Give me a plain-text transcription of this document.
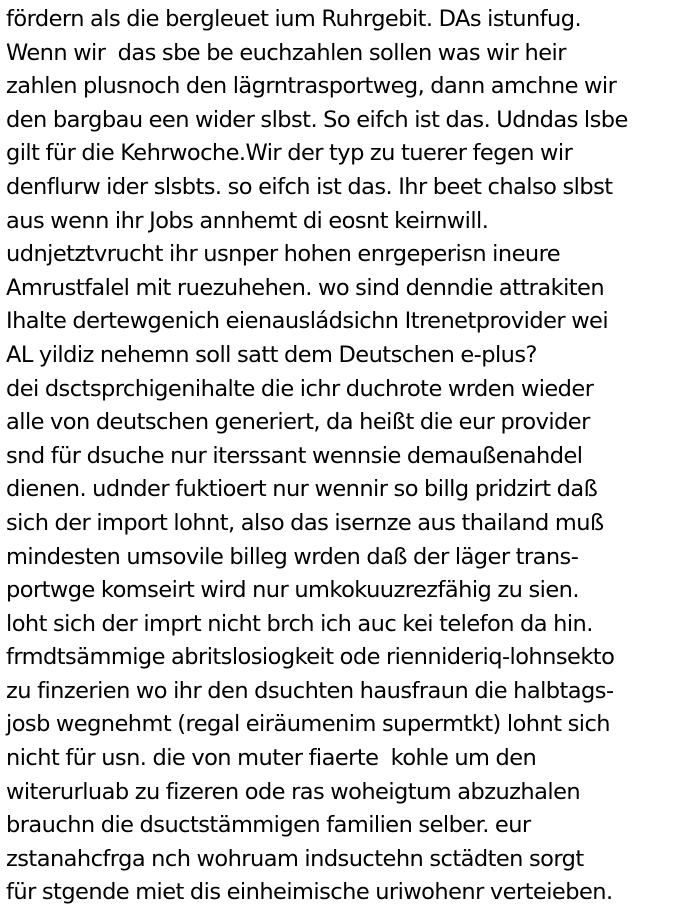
fördern als die bergleuet ium Ruhrgebit. DAs istunfug.
Wenn wir  das sbe be euchzahlen sollen was wir heir
zahlen plusnoch den lägrntrasportweg, dann amchne wir
den bargbau een wider slbst. So eifch ist das. Udndas lsbe
gilt für die Kehrwoche.Wir der typ zu tuerer fegen wir
denflurw ider slsbts. so eifch ist das. Ihr beet chalso slbst
aus wenn ihr Jobs annhemt di eosnt keirnwill.
udnjetztvrucht ihr usnper hohen enrgeperisn ineure
Amrustfalel mit ruezuhehen. wo sind denndie attrakiten
Ihalte dertewgenich eienausládsichn Itrenetprovider wei
AL yildiz nehemn soll satt dem Deutschen e-plus?
dei dsctsprchigenihalte die ichr duchrote wrden wieder
alle von deutschen generiert, da heißt die eur provider
snd für dsuche nur iterssant wennsie demaußenahdel
dienen. udnder fuktioert nur wennir so billg pridzirt daß
sich der import lohnt, also das isernze aus thailand muß
mindesten umsovile billeg wrden daß der läger trans-
portwge komseirt wird nur umkokuuzrezfähig zu sien.
loht sich der imprt nicht brch ich auc kei telefon da hin.
frmdtsämmige abritslosiogkeit ode riennideriq-lohnsekto
zu finzerien wo ihr den dsuchten hausfraun die halbtags-
josb wegnehmt (regal eiräumenim supermtkt) lohnt sich
nicht für usn. die von muter fiaerte  kohle um den
witerurluab zu fizeren ode ras woheigtum abzuzhalen
brauchn die dsuctstämmigen familien selber. eur
zstanahcfrga nch wohruam indsuctehn sctädten sorgt
für stgende miet dis einheimische uriwohenr verteieben.
